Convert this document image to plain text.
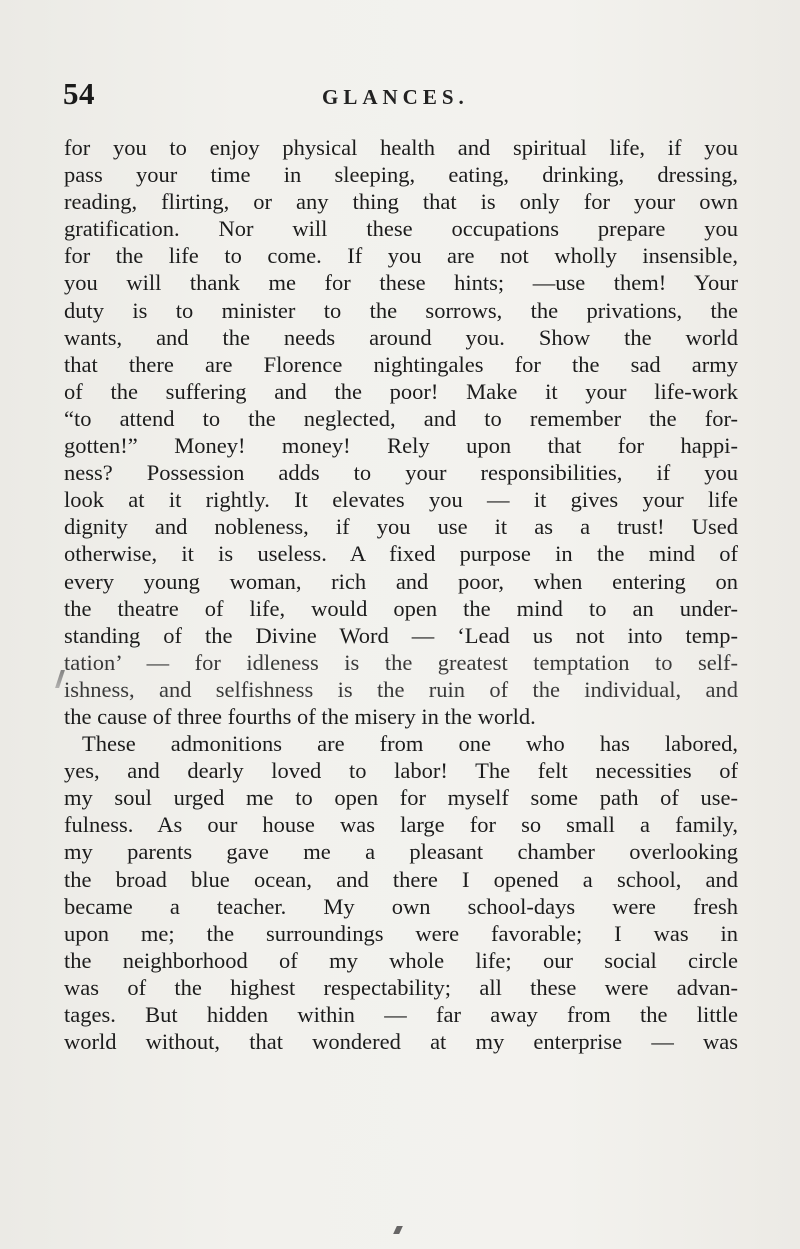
54	GLANCES.
for you to enjoy physical health and spiritual life, if you
pass your time in sleeping, eating, drinking, dressing,
reading, flirting, or any thing that is only for your own
gratification. Nor will these occupations prepare you
for the life to come. If you are not wholly insensible,
you will thank me for these hints; —use them! Your
duty is to minister to the sorrows, the privations, the
wants, and the needs around you. Show the world
that there are Florence nightingales for the sad army
of the suffering and the poor! Make it your life-work
“to attend to the neglected, and to remember the for-
gotten!” Money! money! Rely upon that for happi-
ness? Possession adds to your responsibilities, if you
look at it rightly. It elevates you — it gives your life
dignity and nobleness, if you use it as a trust! Used
otherwise, it is useless. A fixed purpose in the mind of
every young woman, rich and poor, when entering on
the theatre of life, would open the mind to an under-
standing of the Divine Word — ‘Lead us not into temp-
tation’ — for idleness is the greatest temptation to self-
ishness, and selfishness is the ruin of the individual, and
the cause of three fourths of the misery in the world.
These admonitions are from one who has labored,
yes, and dearly loved to labor! The felt necessities of
my soul urged me to open for myself some path of use-
fulness. As our house was large for so small a family,
my parents gave me a pleasant chamber overlooking
the broad blue ocean, and there I opened a school, and
became a teacher. My own school-days were fresh
upon me; the surroundings were favorable; I was in
the neighborhood of my whole life; our social circle
was of the highest respectability; all these were advan-
tages. But hidden within — far away from the little
world without, that wondered at my enterprise — was
